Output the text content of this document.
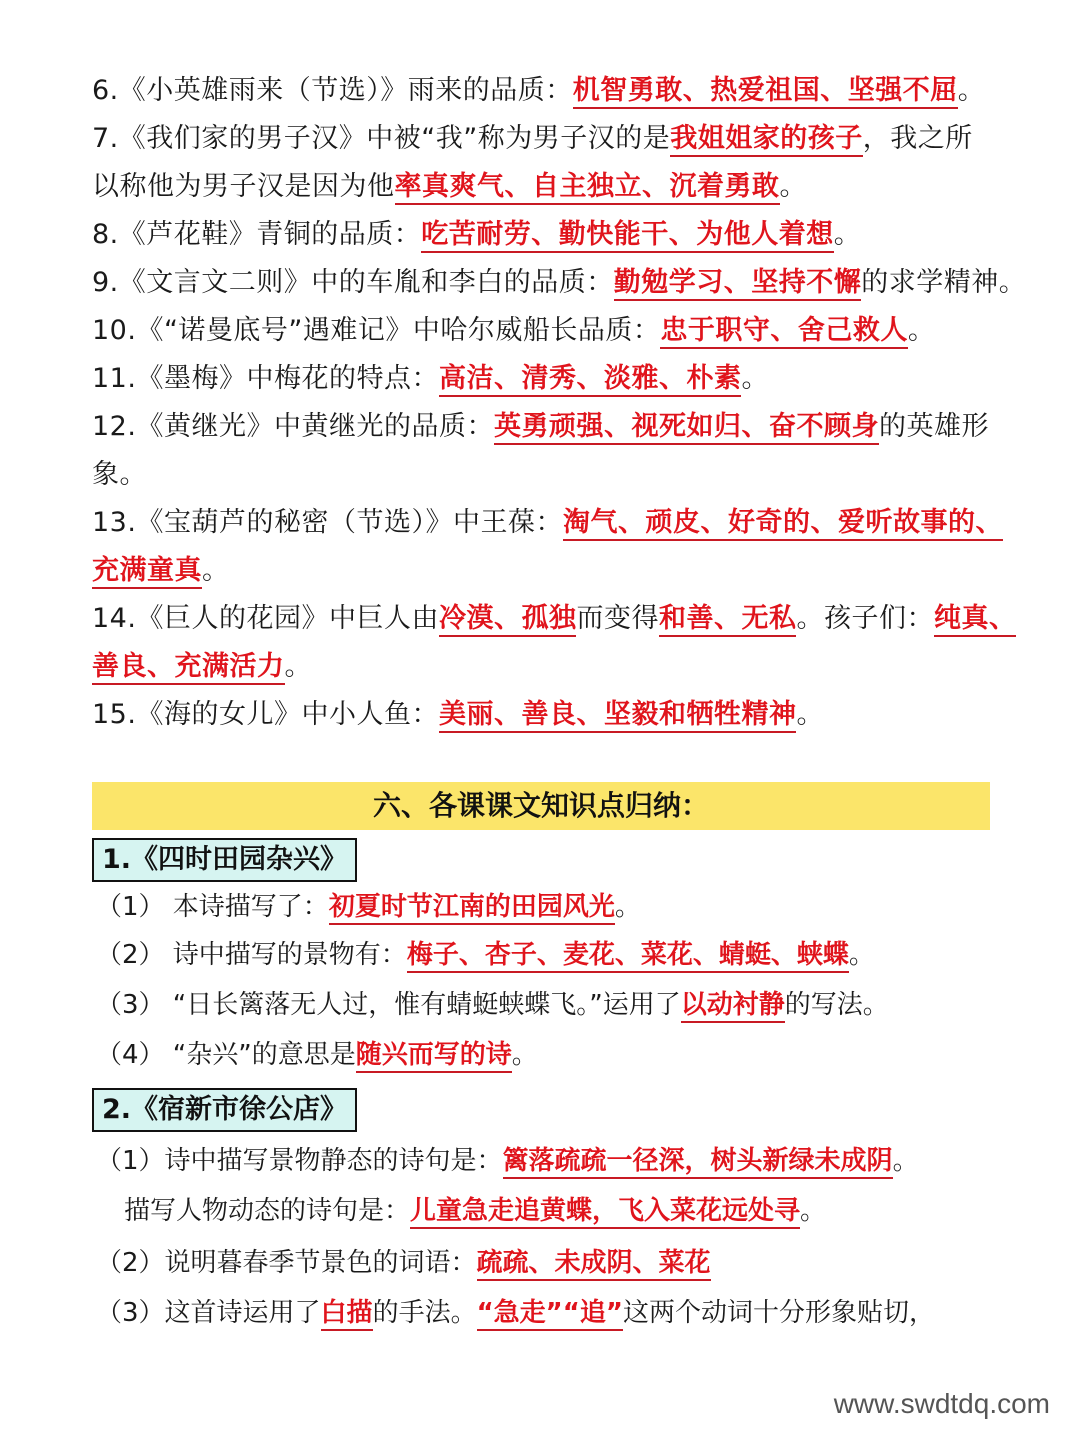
6.《小英雄雨来（节选）》雨来的品质：机智勇敢、热爱祖国、坚强不屈。
7.《我们家的男子汉》中被“我”称为男子汉的是我姐姐家的孩子，我之所
以称他为男子汉是因为他率真爽气、自主独立、沉着勇敢。
8.《芦花鞋》青铜的品质：吃苦耐劳、勤快能干、为他人着想。
9.《文言文二则》中的车胤和李白的品质：勤勉学习、坚持不懈的求学精神。
10.《“诺曼底号”遇难记》中哈尔威船长品质：忠于职守、舍己救人。
11.《墨梅》中梅花的特点：高洁、清秀、淡雅、朴素。
12.《黄继光》中黄继光的品质：英勇顽强、视死如归、奋不顾身的英雄形
象。
13.《宝葫芦的秘密（节选）》中王葆：淘气、顽皮、好奇的、爱听故事的、
充满童真。
14.《巨人的花园》中巨人由冷漠、孤独而变得和善、无私。孩子们：纯真、
善良、充满活力。
15.《海的女儿》中小人鱼：美丽、善良、坚毅和牺牲精神。
六、各课课文知识点归纳：
1.《四时田园杂兴》
（1） 本诗描写了：初夏时节江南的田园风光。
（2） 诗中描写的景物有：梅子、杏子、麦花、菜花、蜻蜓、蛱蝶。
（3） “日长篱落无人过，惟有蜻蜓蛱蝶飞。”运用了以动衬静的写法。
（4） “杂兴”的意思是随兴而写的诗。
2.《宿新市徐公店》
（1）诗中描写景物静态的诗句是：篱落疏疏一径深，树头新绿未成阴。
描写人物动态的诗句是：儿童急走追黄蝶，飞入菜花远处寻。
（2）说明暮春季节景色的词语：疏疏、未成阴、菜花
（3）这首诗运用了白描的手法。“急走”“追”这两个动词十分形象贴切，
www.swdtdq.com
